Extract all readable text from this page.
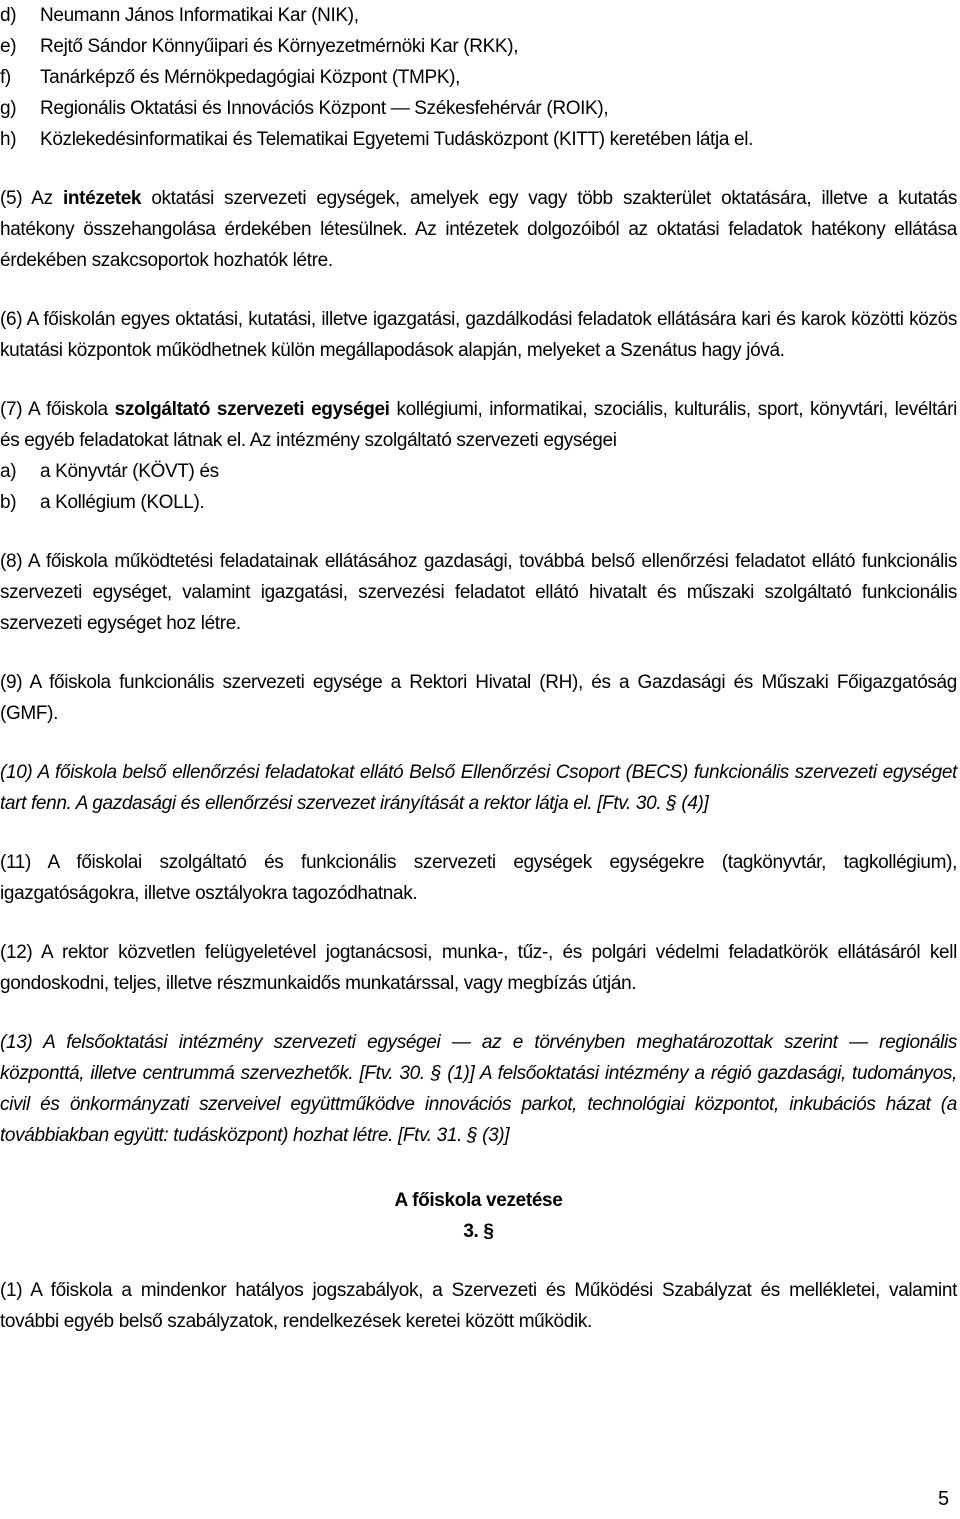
d) Neumann János Informatikai Kar (NIK),

e) Rejtő Sándor Könnyűipari és Környezetmérnöki Kar (RKK),

f) Tanárképző és Mérnökpedagógiai Központ (TMPK),

g) Regionális Oktatási és Innovációs Központ — Székesfehérvár (ROIK),

h) Közlekedésinformatikai és Telematikai Egyetemi Tudásközpont (KITT) keretében látja el.

(5) Az intézetek oktatási szervezeti egységek, amelyek egy vagy több szakterület oktatására, illetve a kutatás hatékony összehangolása érdekében létesülnek. Az intézetek dolgozóiból az oktatási feladatok hatékony ellátása érdekében szakcsoportok hozhatók létre.

(6) A főiskolán egyes oktatási, kutatási, illetve igazgatási, gazdálkodási feladatok ellátására kari és karok közötti közös kutatási központok működhetnek külön megállapodások alapján, melyeket a Szenátus hagy jóvá.

(7) A főiskola szolgáltató szervezeti egységei kollégiumi, informatikai, szociális, kulturális, sport, könyvtári, levéltári és egyéb feladatokat látnak el. Az intézmény szolgáltató szervezeti egységei

a) a Könyvtár (KÖVT) és

b) a Kollégium (KOLL).

(8) A főiskola működtetési feladatainak ellátásához gazdasági, továbbá belső ellenőrzési feladatot ellátó funkcionális szervezeti egységet, valamint igazgatási, szervezési feladatot ellátó hivatalt és műszaki szolgáltató funkcionális szervezeti egységet hoz létre.

(9) A főiskola funkcionális szervezeti egysége a Rektori Hivatal (RH), és a Gazdasági és Műszaki Főigazgatóság (GMF).

(10) A főiskola belső ellenőrzési feladatokat ellátó Belső Ellenőrzési Csoport (BECS) funkcionális szervezeti egységet tart fenn. A gazdasági és ellenőrzési szervezet irányítását a rektor látja el. [Ftv. 30. § (4)]

(11) A főiskolai szolgáltató és funkcionális szervezeti egységek egységekre (tagkönyvtár, tagkollégium), igazgatóságokra, illetve osztályokra tagozódhatnak.

(12) A rektor közvetlen felügyeletével jogtanácsosi, munka-, tűz-, és polgári védelmi feladatkörök ellátásáról kell gondoskodni, teljes, illetve részmunkaidős munkatárssal, vagy megbízás útján.

(13) A felsőoktatási intézmény szervezeti egységei — az e törvényben meghatározottak szerint — regionális központtá, illetve centrummá szervezhetők. [Ftv. 30. § (1)] A felsőoktatási intézmény a régió gazdasági, tudományos, civil és önkormányzati szerveivel együttműködve innovációs parkot, technológiai központot, inkubációs házat (a továbbiakban együtt: tudásközpont) hozhat létre. [Ftv. 31. § (3)]

A főiskola vezetése

3. §

(1) A főiskola a mindenkor hatályos jogszabályok, a Szervezeti és Működési Szabályzat és mellékletei, valamint további egyéb belső szabályzatok, rendelkezések keretei között működik.

5
